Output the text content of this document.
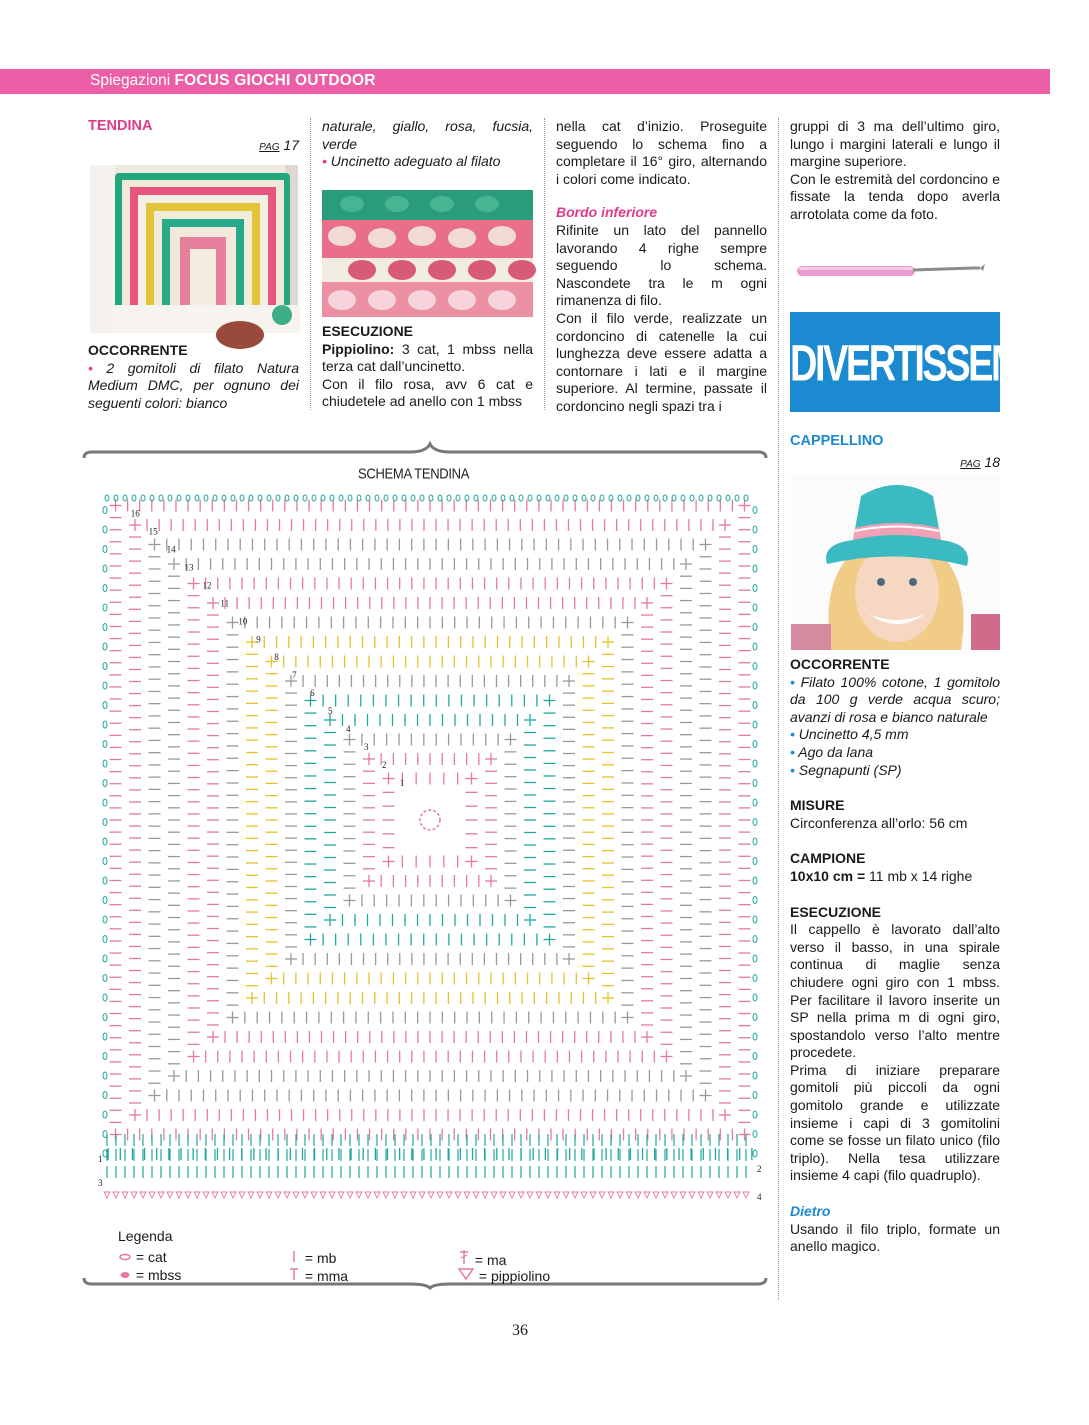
Spiegazioni FOCUS GIOCHI OUTDOOR

TENDINA

PAG 17

OCCORRENTE

• 2 gomitoli di filato Natura Medium DMC, per ognuno dei seguenti colori: bianco

naturale, giallo, rosa, fucsia, verde

• Uncinetto adeguato al filato

ESECUZIONE

Pippiolino: 3 cat, 1 mbss nella terza cat dall’uncinetto.

Con il filo rosa, avv 6 cat e chiudetele ad anello con 1 mbss

nella cat d’inizio. Proseguite seguendo lo schema fino a completare il 16° giro, alternando i colori come indicato.

Bordo inferiore

Rifinite un lato del pannello lavorando 4 righe sempre seguendo lo schema. Nascondete tra le m ogni rimanenza di filo.

Con il filo verde, realizzate un cordoncino di catenelle la cui lunghezza deve essere adatta a contornare i lati e il margine superiore. Al termine, passate il cordoncino negli spazi tra i

gruppi di 3 ma dell’ultimo giro, lungo i margini laterali e lungo il margine superiore.

Con le estremità del cordoncino e fissate la tenda dopo averla arrotolata come da foto.

DIVERTISSEMENT

CAPPELLINO

PAG 18

OCCORRENTE

• Filato 100% cotone, 1 gomitolo da 100 g verde acqua scuro; avanzi di rosa e bianco naturale

• Uncinetto 4,5 mm

• Ago da lana

• Segnapunti (SP)

MISURE

Circonferenza all’orlo: 56 cm

CAMPIONE

10x10 cm = 11 mb x 14 righe

ESECUZIONE

Il cappello è lavorato dall’alto verso il basso, in una spirale continua di maglie senza chiudere ogni giro con 1 mbss. Per facilitare il lavoro inserite un SP nella prima m di ogni giro, spostandolo verso l’alto mentre procedete.

Prima di iniziare preparare gomitoli più piccoli da ogni gomitolo grande e utilizzate insieme i capi di 3 gomitolini come se fosse un filato unico (filo triplo). Nella tesa utilizzare insieme 4 capi (filo quadruplo).

Dietro

Usando il filo triplo, formate un anello magico.

SCHEMA TENDINA
1
2
3
4
5
6
7
8
9
10
11
12
13
14
15
16
1
2
3
4
Legenda
= cat	= mb	= ma
= mbss	= mma	= pippiolino
36
